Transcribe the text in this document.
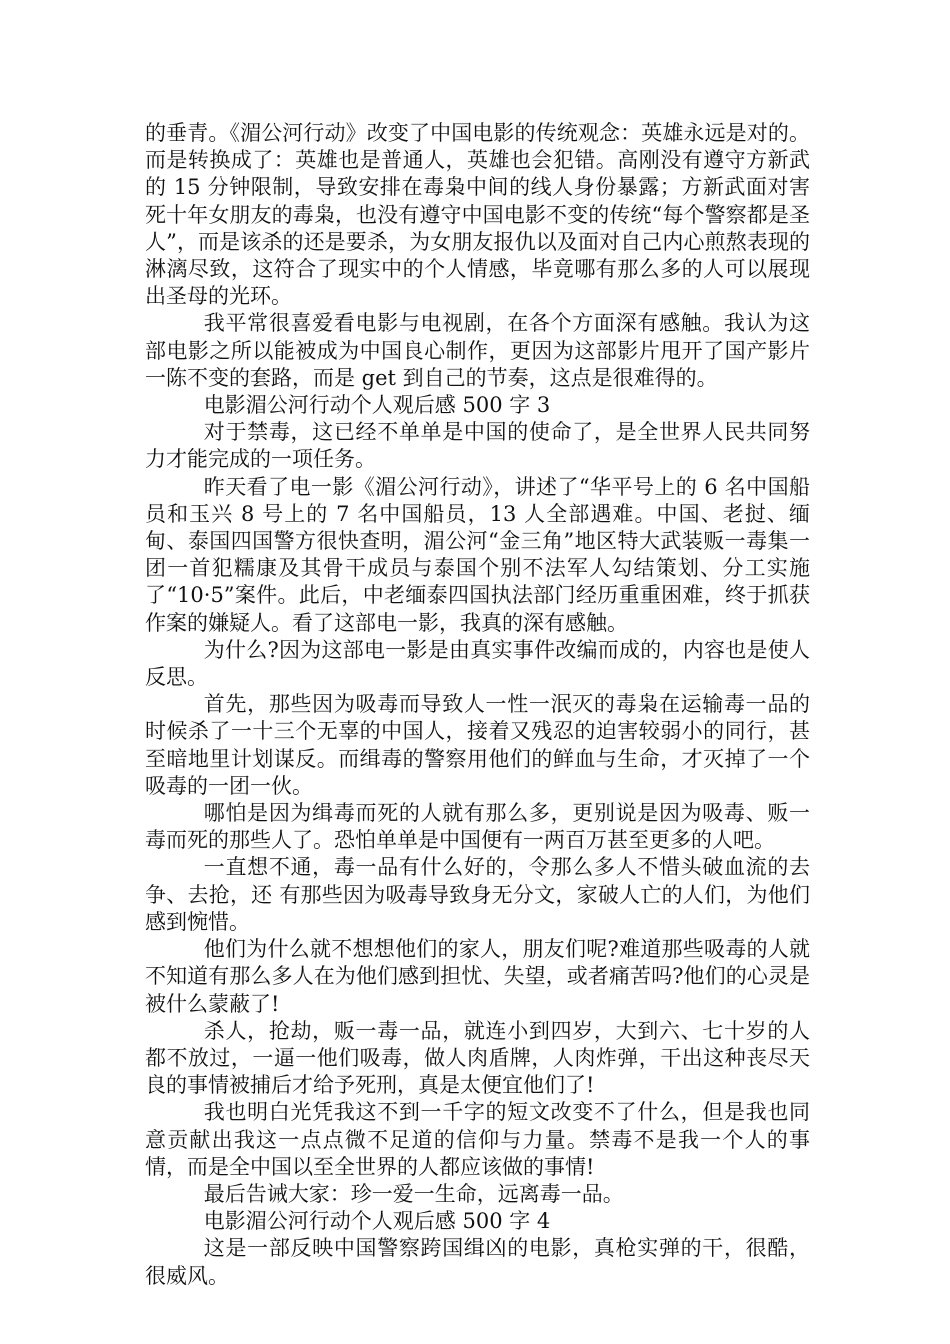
的垂青。《湄公河行动》改变了中国电影的传统观念：英雄永远是对的。而是转换成了：英雄也是普通人，英雄也会犯错。高刚没有遵守方新武的 15 分钟限制，导致安排在毒枭中间的线人身份暴露；方新武面对害死十年女朋友的毒枭，也没有遵守中国电影不变的传统“每个警察都是圣人”，而是该杀的还是要杀，为女朋友报仇以及面对自己内心煎熬表现的淋漓尽致，这符合了现实中的个人情感，毕竟哪有那么多的人可以展现出圣母的光环。

我平常很喜爱看电影与电视剧，在各个方面深有感触。我认为这部电影之所以能被成为中国良心制作，更因为这部影片甩开了国产影片一陈不变的套路，而是 get 到自己的节奏，这点是很难得的。

电影湄公河行动个人观后感 500 字 3

对于禁毒，这已经不单单是中国的使命了，是全世界人民共同努力才能完成的一项任务。

昨天看了电一影《湄公河行动》，讲述了“华平号上的 6 名中国船员和玉兴 8 号上的 7 名中国船员，13 人全部遇难。中国、老挝、缅甸、泰国四国警方很快查明，湄公河“金三角”地区特大武装贩一毒集一团一首犯糯康及其骨干成员与泰国个别不法军人勾结策划、分工实施了“10·5”案件。此后，中老缅泰四国执法部门经历重重困难，终于抓获作案的嫌疑人。看了这部电一影，我真的深有感触。

为什么?因为这部电一影是由真实事件改编而成的，内容也是使人反思。

首先，那些因为吸毒而导致人一性一泯灭的毒枭在运输毒一品的时候杀了一十三个无辜的中国人，接着又残忍的迫害较弱小的同行，甚至暗地里计划谋反。而缉毒的警察用他们的鲜血与生命，才灭掉了一个吸毒的一团一伙。

哪怕是因为缉毒而死的人就有那么多，更别说是因为吸毒、贩一毒而死的那些人了。恐怕单单是中国便有一两百万甚至更多的人吧。

一直想不通，毒一品有什么好的，令那么多人不惜头破血流的去争、去抢，还 有那些因为吸毒导致身无分文，家破人亡的人们，为他们感到惋惜。

他们为什么就不想想他们的家人，朋友们呢?难道那些吸毒的人就不知道有那么多人在为他们感到担忧、失望，或者痛苦吗?他们的心灵是被什么蒙蔽了!

杀人，抢劫，贩一毒一品，就连小到四岁，大到六、七十岁的人都不放过，一逼一他们吸毒，做人肉盾牌，人肉炸弹，干出这种丧尽天良的事情被捕后才给予死刑，真是太便宜他们了!

我也明白光凭我这不到一千字的短文改变不了什么，但是我也同意贡献出我这一点点微不足道的信仰与力量。禁毒不是我一个人的事情，而是全中国以至全世界的人都应该做的事情!

最后告诫大家：珍一爱一生命，远离毒一品。

电影湄公河行动个人观后感 500 字 4

这是一部反映中国警察跨国缉凶的电影，真枪实弹的干，很酷，很威风。
